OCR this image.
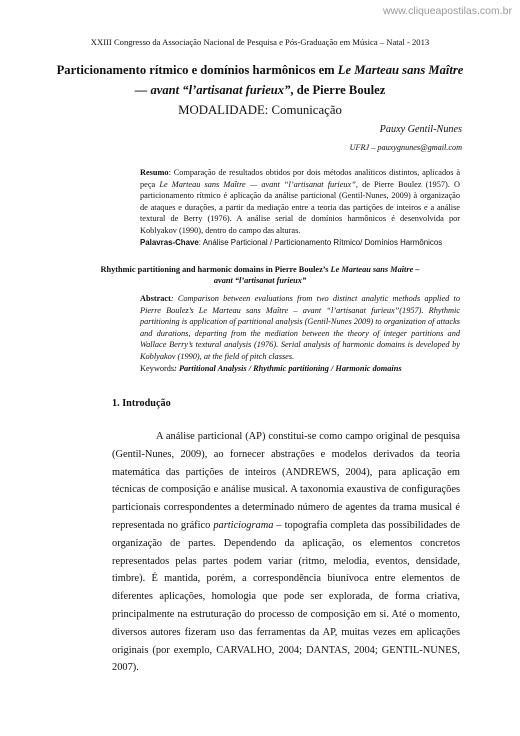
www.cliqueapostilas.com.br
XXIII Congresso da Associação Nacional de Pesquisa e Pós-Graduação em Música – Natal - 2013
Particionamento rítmico e domínios harmônicos em Le Marteau sans Maître
— avant “l’artisanat furieux”, de Pierre Boulez
MODALIDADE: Comunicação
Pauxy Gentil-Nunes
UFRJ – pauxygnunes@gmail.com

Resumo: Comparação de resultados obtidos por dois métodos analíticos distintos, aplicados à peça Le Marteau sans Maître — avant “l’artisanat furieux”, de Pierre Boulez (1957). O particionamento rítmico é aplicação da análise particional (Gentil-Nunes, 2009) à organização de ataques e durações, a partir da mediação entre a teoria das partições de inteiros e a análise textural de Berry (1976). A análise serial de domínios harmônicos é desenvolvida por Koblyakov (1990), dentro do campo das alturas.

Palavras-Chave: Análise Particional / Particionamento Rítmico/ Domínios Harmônicos
Rhythmic partitioning and harmonic domains in Pierre Boulez’s Le Marteau sans Maître –
avant “l’artisanat furieux”

Abstract: Comparison between evaluations from two distinct analytic methods applied to Pierre Boulez’s Le Marteau sans Maître – avant “l’artisanat furieux”(1957). Rhythmic partitioning is application of partitional analysis (Gentil-Nunes 2009) to organization of attacks and durations, departing from the mediation between the theory of integer partitions and Wallace Berry’s textural analysis (1976). Serial analysis of harmonic domains is developed by Koblyakov (1990), at the field of pitch classes.

Keywords: Partitional Analysis / Rhythmic partitioning / Harmonic domains
1. Introdução

A análise particional (AP) constitui-se como campo original de pesquisa (Gentil-Nunes, 2009), ao fornecer abstrações e modelos derivados da teoria matemática das partições de inteiros (ANDREWS, 2004), para aplicação em técnicas de composição e análise musical. A taxonomia exaustiva de configurações particionais correspondentes a determinado número de agentes da trama musical é representada no gráfico particiograma – topografia completa das possibilidades de organização de partes. Dependendo da aplicação, os elementos concretos representados pelas partes podem variar (ritmo, melodia, eventos, densidade, timbre). É mantida, porém, a correspondência biunívoca entre elementos de diferentes aplicações, homologia que pode ser explorada, de forma criativa, principalmente na estruturação do processo de composição em si. Até o momento, diversos autores fizeram uso das ferramentas da AP, muitas vezes em aplicações originais (por exemplo, CARVALHO, 2004; DANTAS, 2004; GENTIL-NUNES, 2007).
